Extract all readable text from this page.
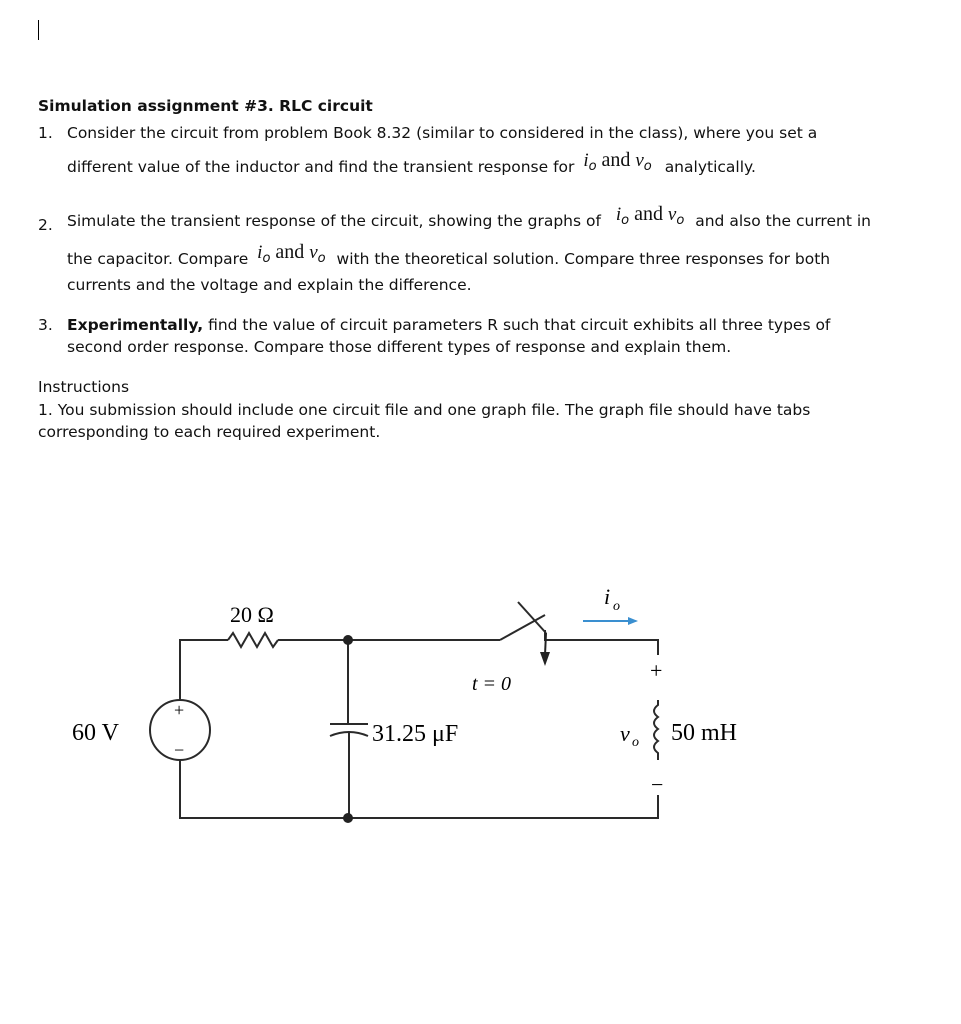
Simulation assignment #3. RLC circuit
1. Consider the circuit from problem Book 8.32 (similar to considered in the class), where you set a
different value of the inductor and find the transient response for $i_o$ and $v_o$ analytically.
2. Simulate the transient response of the circuit, showing the graphs of $i_o$ and $v_o$ and also the current in
the capacitor. Compare $i_o$ and $v_o$ with the theoretical solution. Compare three responses for both
currents and the voltage and explain the difference.
3. Experimentally, find the value of circuit parameters R such that circuit exhibits all three types of
second order response. Compare those different types of response and explain them.
Instructions
1. You submission should include one circuit file and one graph file. The graph file should have tabs
corresponding to each required experiment.
20 Ω
60 V
+
−
t = 0
31.25 μF
i o
+
−
v o 50 mH
